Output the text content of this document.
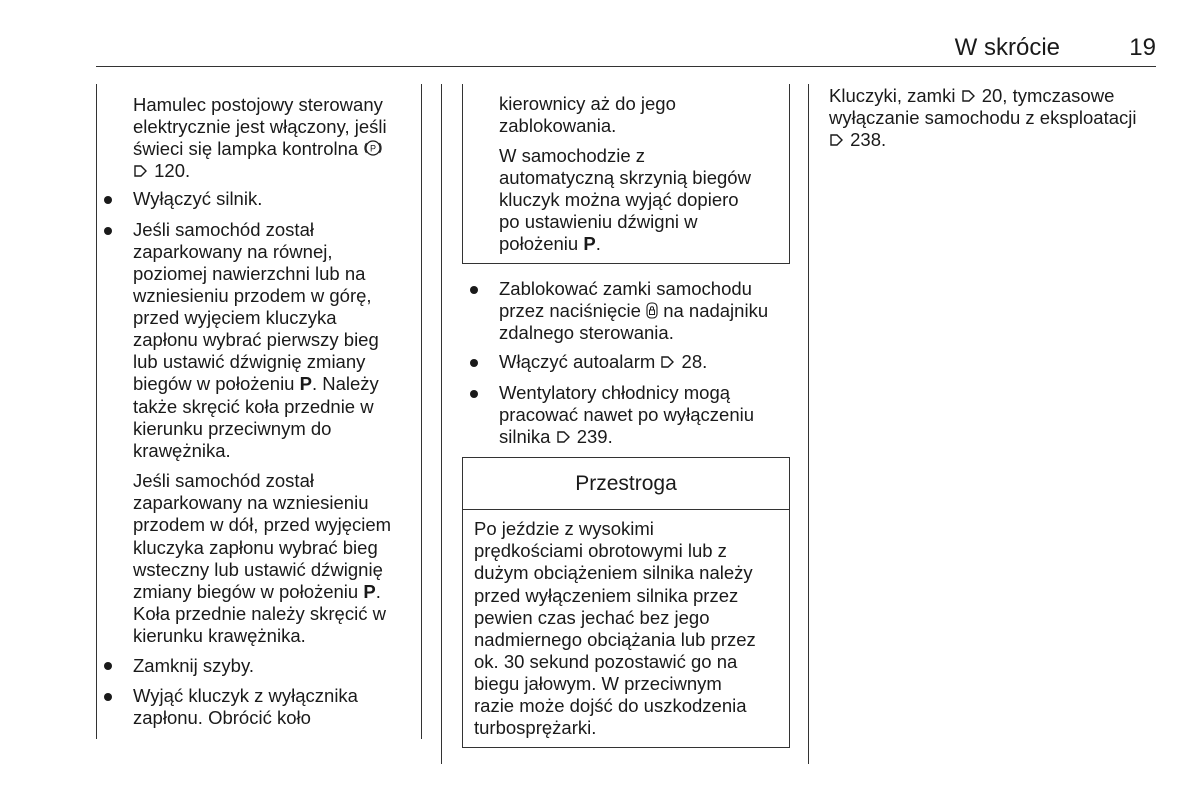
W skrócie	19
Hamulec postojowy sterowany
elektrycznie jest włączony, jeśli
świeci się lampka kontrolna P
120.
Wyłączyć silnik.
Jeśli samochód został
zaparkowany na równej,
poziomej nawierzchni lub na
wzniesieniu przodem w górę,
przed wyjęciem kluczyka
zapłonu wybrać pierwszy bieg
lub ustawić dźwignię zmiany
biegów w położeniu P. Należy
także skręcić koła przednie w
kierunku przeciwnym do
krawężnika.
Jeśli samochód został
zaparkowany na wzniesieniu
przodem w dół, przed wyjęciem
kluczyka zapłonu wybrać bieg
wsteczny lub ustawić dźwignię
zmiany biegów w położeniu P.
Koła przednie należy skręcić w
kierunku krawężnika.
Zamknij szyby.
Wyjąć kluczyk z wyłącznika
zapłonu. Obrócić koło
kierownicy aż do jego
zablokowania.
W samochodzie z
automatyczną skrzynią biegów
kluczyk można wyjąć dopiero
po ustawieniu dźwigni w
położeniu P.
Zablokować zamki samochodu
przez naciśnięcie na nadajniku
zdalnego sterowania.
Włączyć autoalarm 28.
Wentylatory chłodnicy mogą
pracować nawet po wyłączeniu
silnika 239.
Przestroga
Po jeździe z wysokimi
prędkościami obrotowymi lub z
dużym obciążeniem silnika należy
przed wyłączeniem silnika przez
pewien czas jechać bez jego
nadmiernego obciążania lub przez
ok. 30 sekund pozostawić go na
biegu jałowym. W przeciwnym
razie może dojść do uszkodzenia
turbosprężarki.
Kluczyki, zamki 20, tymczasowe
wyłączanie samochodu z eksploatacji
238.
